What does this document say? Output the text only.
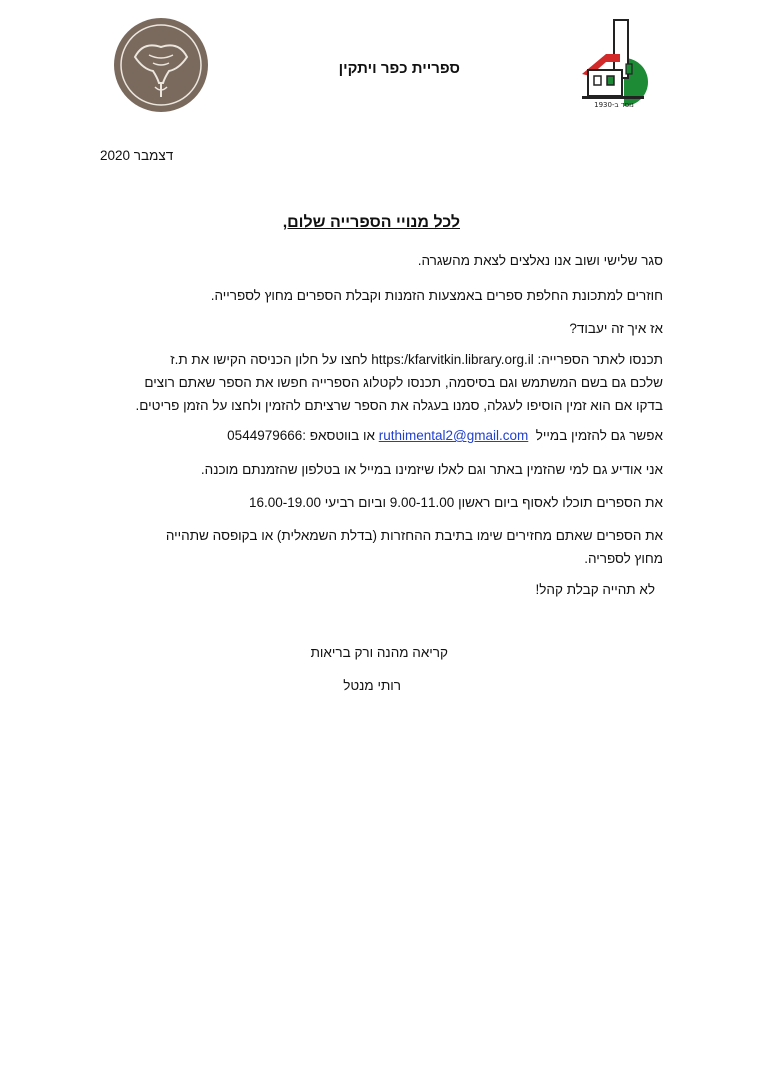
נוסד ב-1930
ספריית כפר ויתקין
דצמבר 2020
לכל מנויי הספרייה שלום,
סגר שלישי ושוב אנו נאלצים לצאת מהשגרה.
חוזרים למתכונת החלפת ספרים באמצעות הזמנות וקבלת הספרים מחוץ לספרייה.
אז איך זה יעבוד?
תכנסו לאתר הספרייה: https:/kfarvitkin.library.org.il לחצו על חלון הכניסה הקישו את ת.ז
שלכם גם בשם המשתמש וגם בסיסמה, תכנסו לקטלוג הספרייה חפשו את הספר שאתם רוצים
בדקו אם הוא זמין הוסיפו לעגלה, סמנו בעגלה את הספר שרציתם להזמין ולחצו על הזמן פריטים.
אפשר גם להזמין במייל  ruthimental2@gmail.com או בווטסאפ :0544979666
אני אודיע גם למי שהזמין באתר וגם לאלו שיזמינו במייל או בטלפון שהזמנתם מוכנה.
את הספרים תוכלו לאסוף ביום ראשון 9.00-11.00 וביום רביעי 16.00-19.00
את הספרים שאתם מחזירים שימו בתיבת ההחזרות (בדלת השמאלית) או בקופסה שתהייה
מחוץ לספריה.
לא תהייה קבלת קהל!
קריאה מהנה ורק בריאות
רותי מנטל
